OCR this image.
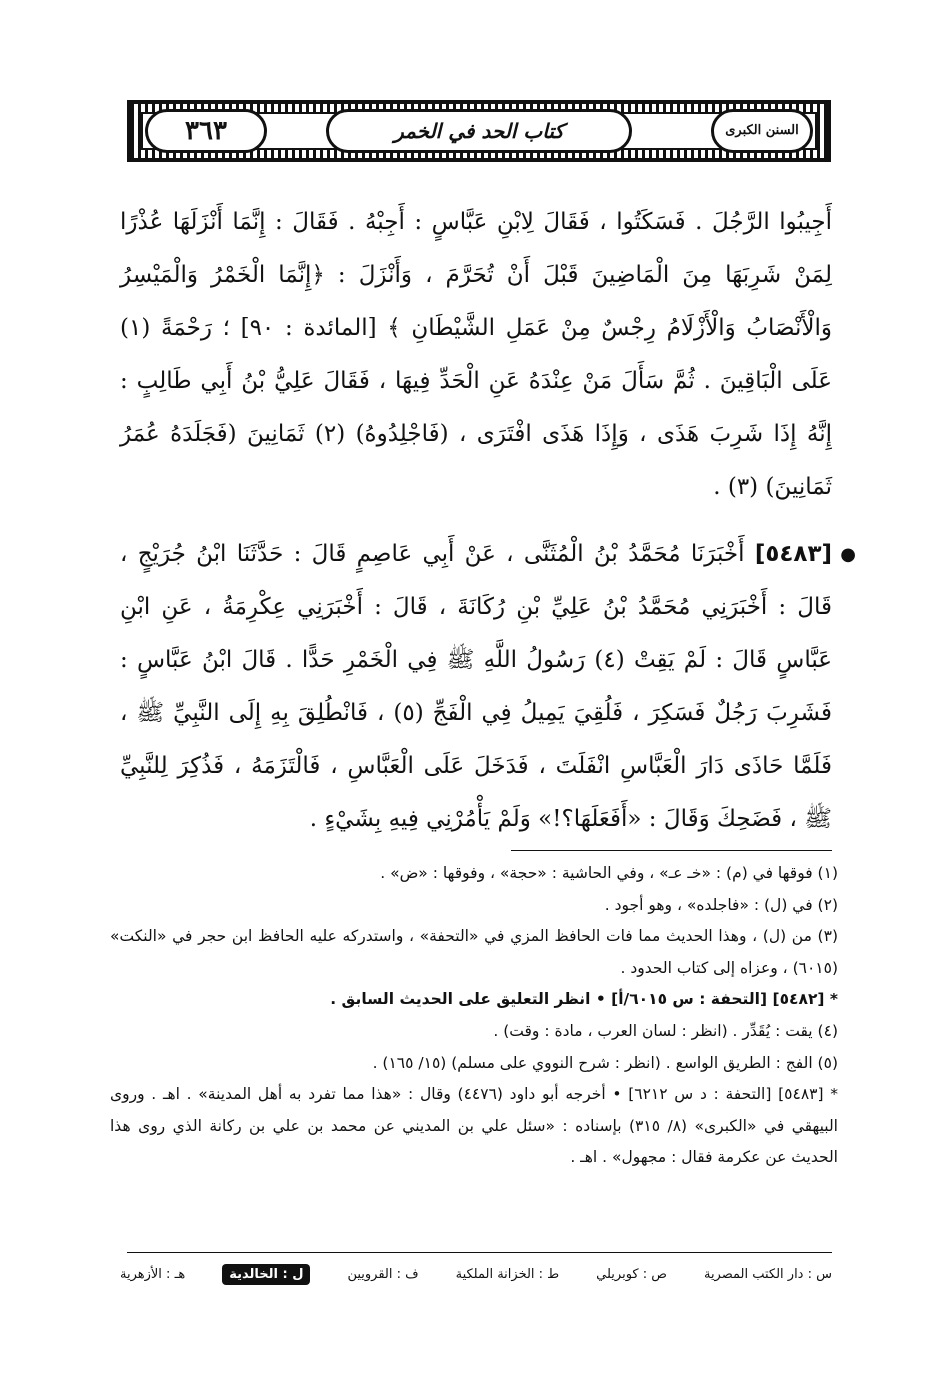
٣٦٣	كتاب الحد في الخمر	السنن الكبرى

أَجِيبُوا الرَّجُلَ . فَسَكَتُوا ، فَقَالَ لِابْنِ عَبَّاسٍ : أَجِبْهُ . فَقَالَ : إِنَّمَا أَنْزَلَهَا عُذْرًا لِمَنْ شَرِبَهَا مِنَ الْمَاضِينَ قَبْلَ أَنْ تُحَرَّمَ ، وَأَنْزَلَ : ﴿إِنَّمَا الْخَمْرُ وَالْمَيْسِرُ وَالْأَنْصَابُ وَالْأَزْلَامُ رِجْسٌ مِنْ عَمَلِ الشَّيْطَانِ ﴾ [المائدة : ٩٠] ؛ رَحْمَةً (١) عَلَى الْبَاقِينَ . ثُمَّ سَأَلَ مَنْ عِنْدَهُ عَنِ الْحَدِّ فِيهَا ، فَقَالَ عَلِيُّ بْنُ أَبِي طَالِبٍ : إِنَّهُ إِذَا شَرِبَ هَذَى ، وَإِذَا هَذَى افْتَرَى ، (فَاجْلِدُوهُ) (٢) ثَمَانِينَ (فَجَلَدَهُ عُمَرُ ثَمَانِينَ) (٣) .

●
[٥٤٨٣] أَخْبَرَنَا مُحَمَّدُ بْنُ الْمُثَنَّى ، عَنْ أَبِي عَاصِمٍ قَالَ : حَدَّثَنَا ابْنُ جُرَيْجٍ ، قَالَ : أَخْبَرَنِي مُحَمَّدُ بْنُ عَلِيِّ بْنِ رُكَانَةَ ، قَالَ : أَخْبَرَنِي عِكْرِمَةُ ، عَنِ ابْنِ عَبَّاسٍ قَالَ : لَمْ يَقِتْ (٤) رَسُولُ اللَّهِ ﷺ فِي الْخَمْرِ حَدًّا . قَالَ ابْنُ عَبَّاسٍ : فَشَرِبَ رَجُلٌ فَسَكِرَ ، فَلُقِيَ يَمِيلُ فِي الْفَجِّ (٥) ، فَانْطُلِقَ بِهِ إِلَى النَّبِيِّ ﷺ ، فَلَمَّا حَاذَى دَارَ الْعَبَّاسِ انْفَلَتَ ، فَدَخَلَ عَلَى الْعَبَّاسِ ، فَالْتَزَمَهُ ، فَذُكِرَ لِلنَّبِيِّ ﷺ ، فَضَحِكَ وَقَالَ : «أَفَعَلَهَا؟!» وَلَمْ يَأْمُرْنِي فِيهِ بِشَيْءٍ .

(١) فوقها في (م) : «خـ عـ» ، وفي الحاشية : «حجة» ، وفوقها : «ض» .

(٢) في (ل) : «فاجلده» ، وهو أجود .

(٣) من (ل) ، وهذا الحديث مما فات الحافظ المزي في «التحفة» ، واستدركه عليه الحافظ ابن حجر في «النكت» (٦٠١٥) ، وعزاه إلى كتاب الحدود .

* [٥٤٨٢] [التحفة : س ٦٠١٥/أ] • انظر التعليق على الحديث السابق .

(٤) يقت : يُقَدِّر . (انظر : لسان العرب ، مادة : وقت) .

(٥) الفج : الطريق الواسع . (انظر : شرح النووي على مسلم) (١٥/ ١٦٥) .

* [٥٤٨٣] [التحفة : د س ٦٢١٢] • أخرجه أبو داود (٤٤٧٦) وقال : «هذا مما تفرد به أهل المدينة» . اهـ . وروى البيهقي في «الكبرى» (٨/ ٣١٥) بإسناده : «سئل علي بن المديني عن محمد بن علي بن ركانة الذي روى هذا الحديث عن عكرمة فقال : مجهول» . اهـ .

س : دار الكتب المصرية
ص : كوبريلي
ط : الخزانة الملكية
ف : القرويين
ل : الخالدية
هـ : الأزهرية
